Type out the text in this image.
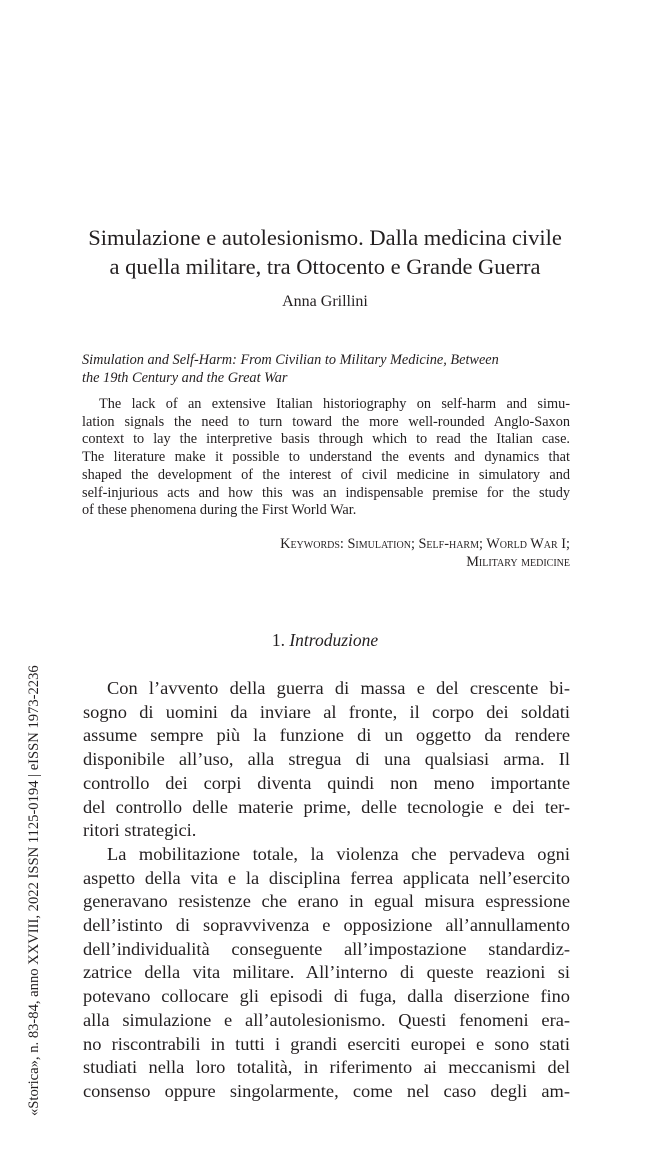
Simulazione e autolesionismo. Dalla medicina civile
a quella militare, tra Ottocento e Grande Guerra
Anna Grillini
Simulation and Self-Harm: From Civilian to Military Medicine, Between
the 19th Century and the Great War
The lack of an extensive Italian historiography on self-harm and simu-
lation signals the need to turn toward the more well-rounded Anglo-Saxon
context to lay the interpretive basis through which to read the Italian case.
The literature make it possible to understand the events and dynamics that
shaped the development of the interest of civil medicine in simulatory and
self-injurious acts and how this was an indispensable premise for the study
of these phenomena during the First World War.
Keywords: Simulation; Self-harm; World War I;
Military medicine
1. Introduzione
Con l’avvento della guerra di massa e del crescente bi-
sogno di uomini da inviare al fronte, il corpo dei soldati
assume sempre più la funzione di un oggetto da rendere
disponibile all’uso, alla stregua di una qualsiasi arma. Il
controllo dei corpi diventa quindi non meno importante
del controllo delle materie prime, delle tecnologie e dei ter-
ritori strategici.
La mobilitazione totale, la violenza che pervadeva ogni
aspetto della vita e la disciplina ferrea applicata nell’esercito
generavano resistenze che erano in egual misura espressione
dell’istinto di sopravvivenza e opposizione all’annullamento
dell’individualità conseguente all’impostazione standardiz-
zatrice della vita militare. All’interno di queste reazioni si
potevano collocare gli episodi di fuga, dalla diserzione fino
alla simulazione e all’autolesionismo. Questi fenomeni era-
no riscontrabili in tutti i grandi eserciti europei e sono stati
studiati nella loro totalità, in riferimento ai meccanismi del
consenso oppure singolarmente, come nel caso degli am-
«Storica», n. 83-84, anno XXVIII, 2022 ISSN 1125-0194 | eISSN 1973-2236
